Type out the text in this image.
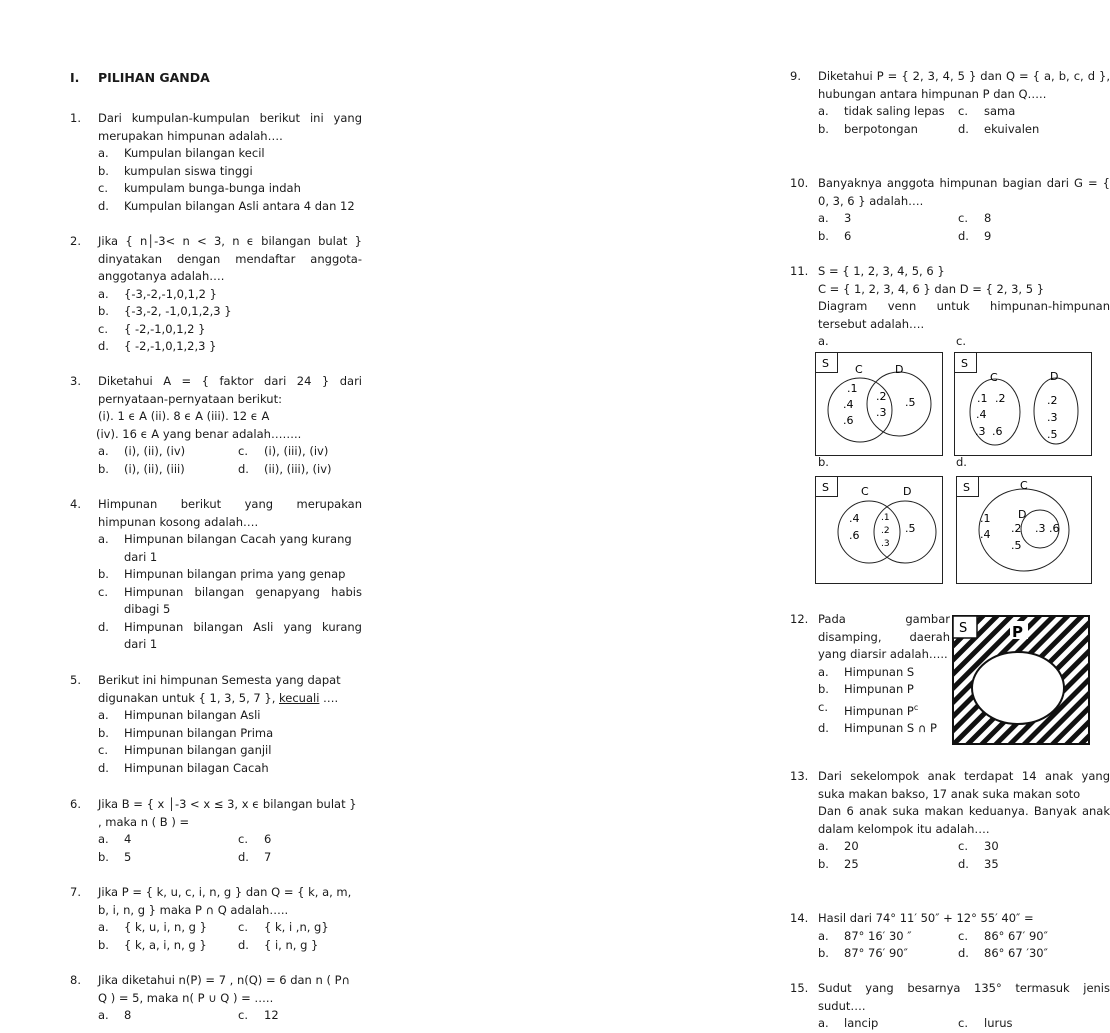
I. PILIHAN GANDA
1. Dari kumpulan-kumpulan berikut ini yang merupakan himpunan adalah….
a.	Kumpulan bilangan kecil
b.	kumpulan siswa tinggi
c.	kumpulam bunga-bunga indah
d.	Kumpulan bilangan Asli antara 4 dan 12
2. Jika { n│-3< n < 3, n ϵ bilangan bulat } dinyatakan dengan mendaftar anggota-anggotanya adalah….
a.	{-3,-2,-1,0,1,2 }
b.	{-3,-2, -1,0,1,2,3 }
c.	{ -2,-1,0,1,2 }
d.	{ -2,-1,0,1,2,3 }
3. Diketahui A = { faktor dari 24 } dari pernyataan-pernyataan berikut:
(i). 1 ϵ A (ii). 8 ϵ A (iii). 12 ϵ A
(iv). 16 ϵ A yang benar adalah……..
a.	(i), (ii), (iv)	c.	(i), (iii), (iv)
b.	(i), (ii), (iii)	d.	(ii), (iii), (iv)
4. Himpunan berikut yang merupakan himpunan kosong adalah….
a.	Himpunan bilangan Cacah yang kurang dari 1
b.	Himpunan bilangan prima yang genap
c.	Himpunan bilangan genapyang habis dibagi 5
d.	Himpunan bilangan Asli yang kurang dari 1
5. Berikut ini himpunan Semesta yang dapat digunakan untuk { 1, 3, 5, 7 }, kecuali ….
a.	Himpunan bilangan Asli
b.	Himpunan bilangan Prima
c.	Himpunan bilangan ganjil
d.	Himpunan bilagan Cacah
6. Jika B = { x │-3 < x ≤ 3, x ϵ bilangan bulat } , maka n ( B ) =
a.	4	c.	6
b.	5	d.	7
7. Jika P = { k, u, c, i, n, g } dan Q = { k, a, m, b, i, n, g } maka P ∩ Q adalah…..
a.	{ k, u, i, n, g }	c.	{ k, i ,n, g}
b.	{ k, a, i, n, g }	d.	{ i, n, g }
8. Jika diketahui n(P) = 7 , n(Q) = 6 dan n ( P∩ Q ) = 5, maka n( P ∪ Q ) = …..
a.	8	c.	12
9. Diketahui P = { 2, 3, 4, 5 } dan Q = { a, b, c, d }, hubungan antara himpunan P dan Q…..
a.	tidak saling lepas c.	sama
b.	berpotongan	d.	ekuivalen
10. Banyaknya anggota himpunan bagian dari G = { 0, 3, 6 } adalah….
a.	3	c.	8
b.	6	d.	9
11. S = { 1, 2, 3, 4, 5, 6 }
C = { 1, 2, 3, 4, 6 } dan D = { 2, 3, 5 }
Diagram venn untuk himpunan-himpunan tersebut adalah….
a.	c.
b.	d.
S C	D
.1
.4
.6
.2
.3
.5
S
C	D
.1 .2
.4
.3 .6
.2
.3
.5
S	C	D
.4
.6
.1
.2
.3
.5
S	C
D
.1
.4 .2
.5
.3 .6
12. Pada gambar disamping, daerah yang diarsir adalah…..
a.	Himpunan S
b.	Himpunan P
c.	Himpunan $P^c$
d.	Himpunan S ∩ P
S	P
13. Dari sekelompok anak terdapat 14 anak yang suka makan bakso, 17 anak suka makan soto
Dan 6 anak suka makan keduanya. Banyak anak dalam kelompok itu adalah….
a.	20	c.	30
b.	25	d.	35
14. Hasil dari 74° 11′ 50″ + 12° 55′ 40″ =
a.	87° 16′ 30 ″	c.	86° 67′ 90″
b.	87° 76′ 90″	d.	86° 67 ′30″
15. Sudut yang besarnya 135° termasuk jenis sudut….
a.	lancip	c.	lurus
